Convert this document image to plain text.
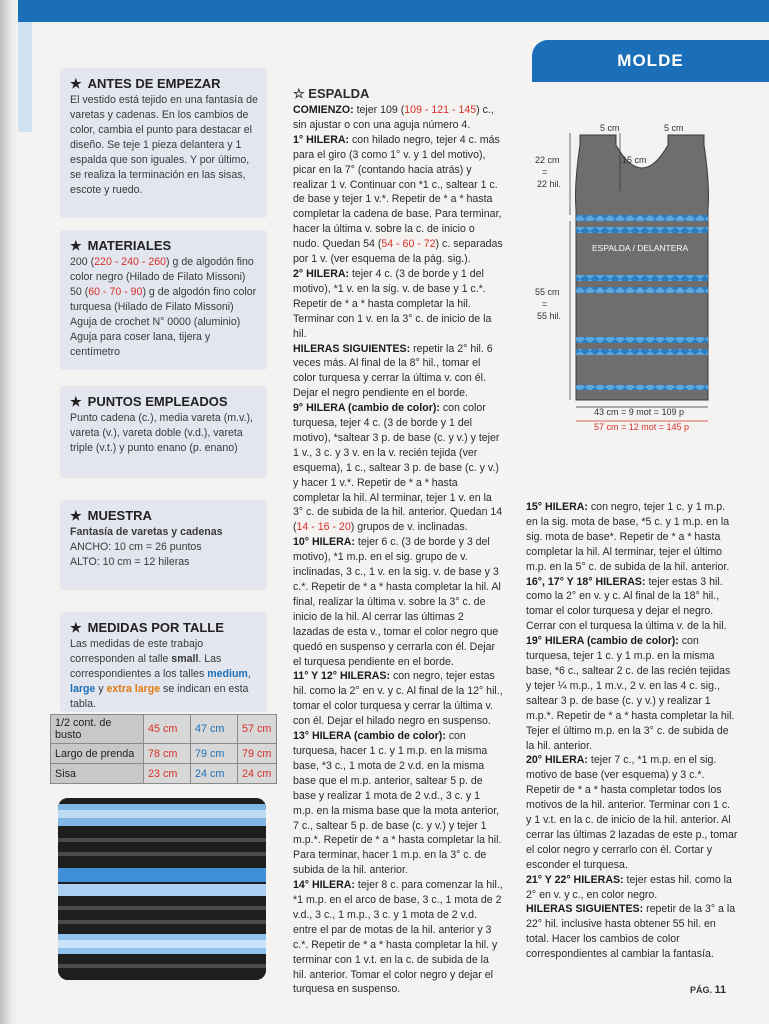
MOLDE
★ ANTES DE EMPEZAR

El vestido está tejido en una fantasía de varetas y cadenas. En los cambios de color, cambia el punto para destacar el diseño. Se teje 1 pieza delantera y 1 espalda que son iguales. Y por último, se realiza la terminación en las sisas, escote y ruedo.

★ MATERIALES

200 (220 - 240 - 260) g de algodón fino color negro (Hilado de Filato Missoni)

50 (60 - 70 - 90) g de algodón fino color turquesa (Hilado de Filato Missoni)

Aguja de crochet N° 0000 (aluminio)

Aguja para coser lana, tijera y centímetro

★ PUNTOS EMPLEADOS

Punto cadena (c.), media vareta (m.v.), vareta (v.), vareta doble (v.d.), vareta triple (v.t.) y punto enano (p. enano)

★ MUESTRA

Fantasía de varetas y cadenas

ANCHO: 10 cm = 26 puntos

ALTO: 10 cm = 12 hileras

★ MEDIDAS POR TALLE

Las medidas de este trabajo corresponden al talle small. Las correspondientes a los talles medium, large y extra large se indican en esta tabla.

1/2 cont. de busto	45 cm	47 cm	57 cm
Largo de prenda	78 cm	79 cm	79 cm
Sisa	23 cm	24 cm	24 cm
☆ ESPALDA

COMIENZO: tejer 109 (109 - 121 - 145) c., sin ajustar o con una aguja número 4.

1° HILERA: con hilado negro, tejer 4 c. más para el giro (3 como 1° v. y 1 del motivo), picar en la 7° (contando hacia atrás) y realizar 1 v. Continuar con *1 c., saltear 1 c. de base y tejer 1 v.*. Repetir de * a * hasta completar la cadena de base. Para terminar, hacer la última v. sobre la c. de inicio o nudo. Quedan 54 (54 - 60 - 72) c. separadas por 1 v. (ver esquema de la pág. sig.).

2° HILERA: tejer 4 c. (3 de borde y 1 del motivo), *1 v. en la sig. v. de base y 1 c.*. Repetir de * a * hasta completar la hil. Terminar con 1 v. en la 3° c. de inicio de la hil.

HILERAS SIGUIENTES: repetir la 2° hil. 6 veces más. Al final de la 8° hil., tomar el color turquesa y cerrar la última v. con él. Dejar el negro pendiente en el borde.

9° HILERA (cambio de color): con color turquesa, tejer 4 c. (3 de borde y 1 del motivo), *saltear 3 p. de base (c. y v.) y tejer 1 v., 3 c. y 3 v. en la v. recién tejida (ver esquema), 1 c., saltear 3 p. de base (c. y v.) y hacer 1 v.*. Repetir de * a * hasta completar la hil. Al terminar, tejer 1 v. en la 3° c. de subida de la hil. anterior. Quedan 14 (14 - 16 - 20) grupos de v. inclinadas.

10° HILERA: tejer 6 c. (3 de borde y 3 del motivo), *1 m.p. en el sig. grupo de v. inclinadas, 3 c., 1 v. en la sig. v. de base y 3 c.*. Repetir de * a * hasta completar la hil. Al final, realizar la última v. sobre la 3° c. de inicio de la hil. Al cerrar las últimas 2 lazadas de esta v., tomar el color negro que quedó en suspenso y cerrarla con él. Dejar el turquesa pendiente en el borde.

11° Y 12° HILERAS: con negro, tejer estas hil. como la 2° en v. y c. Al final de la 12° hil., tomar el color turquesa y cerrar la última v. con él. Dejar el hilado negro en suspenso.

13° HILERA (cambio de color): con turquesa, hacer 1 c. y 1 m.p. en la misma base, *3 c., 1 mota de 2 v.d. en la misma base que el m.p. anterior, saltear 5 p. de base y realizar 1 mota de 2 v.d., 3 c. y 1 m.p. en la misma base que la mota anterior, 7 c., saltear 5 p. de base (c. y v.) y tejer 1 m.p.*. Repetir de * a * hasta completar la hil. Para terminar, hacer 1 m.p. en la 3° c. de subida de la hil. anterior.

14° HILERA: tejer 8 c. para comenzar la hil., *1 m.p. en el arco de base, 3 c., 1 mota de 2 v.d., 3 c., 1 m.p., 3 c. y 1 mota de 2 v.d. entre el par de motas de la hil. anterior y 3 c.*. Repetir de * a * hasta completar la hil. y terminar con 1 v.t. en la c. de subida de la hil. anterior. Tomar el color negro y dejar el turquesa en suspenso.

5 cm	5 cm
15 cm
22 cm
=
22 hil.
ESPALDA / DELANTERA
55 cm
=
55 hil.
43 cm = 9 mot = 109 p
57 cm = 12 mot = 145 p

15° HILERA: con negro, tejer 1 c. y 1 m.p. en la sig. mota de base, *5 c. y 1 m.p. en la sig. mota de base*. Repetir de * a * hasta completar la hil. Al terminar, tejer el último m.p. en la 5° c. de subida de la hil. anterior.

16°, 17° Y 18° HILERAS: tejer estas 3 hil. como la 2° en v. y c. Al final de la 18° hil., tomar el color turquesa y dejar el negro. Cerrar con el turquesa la última v. de la hil.

19° HILERA (cambio de color): con turquesa, tejer 1 c. y 1 m.p. en la misma base, *6 c., saltear 2 c. de las recién tejidas y tejer ¼ m.p., 1 m.v., 2 v. en las 4 c. sig., saltear 3 p. de base (c. y v.) y realizar 1 m.p.*. Repetir de * a * hasta completar la hil. Tejer el último m.p. en la 3° c. de subida de la hil. anterior.

20° HILERA: tejer 7 c., *1 m.p. en el sig. motivo de base (ver esquema) y 3 c.*. Repetir de * a * hasta completar todos los motivos de la hil. anterior. Terminar con 1 c. y 1 v.t. en la c. de inicio de la hil. anterior. Al cerrar las últimas 2 lazadas de este p., tomar el color negro y cerrarlo con él. Cortar y esconder el turquesa.

21° Y 22° HILERAS: tejer estas hil. como la 2° en v. y c., en color negro.

HILERAS SIGUIENTES: repetir de la 3° a la 22° hil. inclusive hasta obtener 55 hil. en total. Hacer los cambios de color correspondientes al cambiar la fantasía.

PÁG. 11
